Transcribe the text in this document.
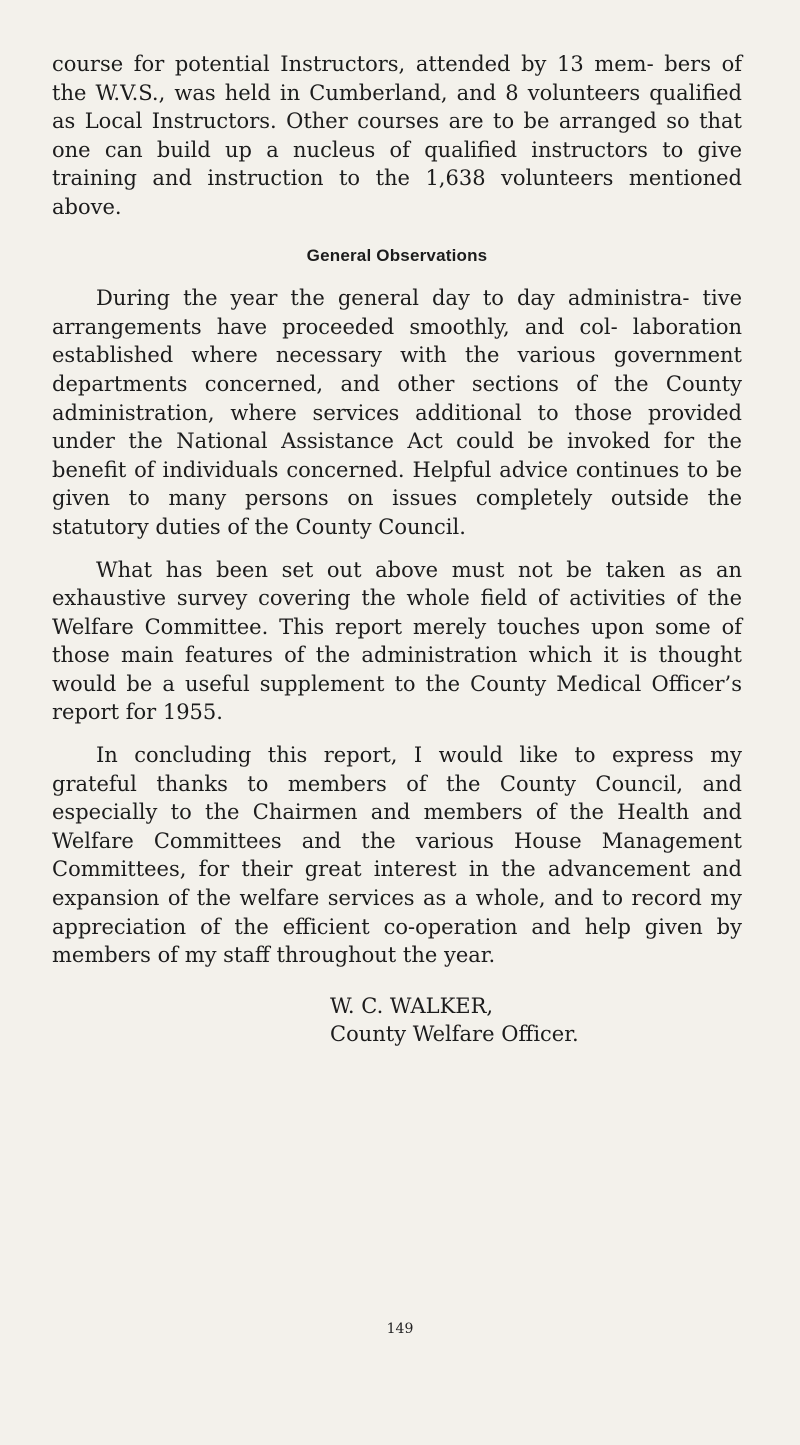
course for potential Instructors, attended by 13 mem- bers of the W.V.S., was held in Cumberland, and 8 volunteers qualified as Local Instructors. Other courses are to be arranged so that one can build up a nucleus of qualified instructors to give training and instruction to the 1,638 volunteers mentioned above.

General Observations

During the year the general day to day administra- tive arrangements have proceeded smoothly, and col- laboration established where necessary with the various government departments concerned, and other sections of the County administration, where services additional to those provided under the National Assistance Act could be invoked for the benefit of individuals concerned. Helpful advice continues to be given to many persons on issues completely outside the statutory duties of the County Council.

What has been set out above must not be taken as an exhaustive survey covering the whole field of activities of the Welfare Committee. This report merely touches upon some of those main features of the administration which it is thought would be a useful supplement to the County Medical Officer’s report for 1955.

In concluding this report, I would like to express my grateful thanks to members of the County Council, and especially to the Chairmen and members of the Health and Welfare Committees and the various House Management Committees, for their great interest in the advancement and expansion of the welfare services as a whole, and to record my appreciation of the efficient co-operation and help given by members of my staff throughout the year.

W. C. WALKER,
County Welfare Officer.
149
